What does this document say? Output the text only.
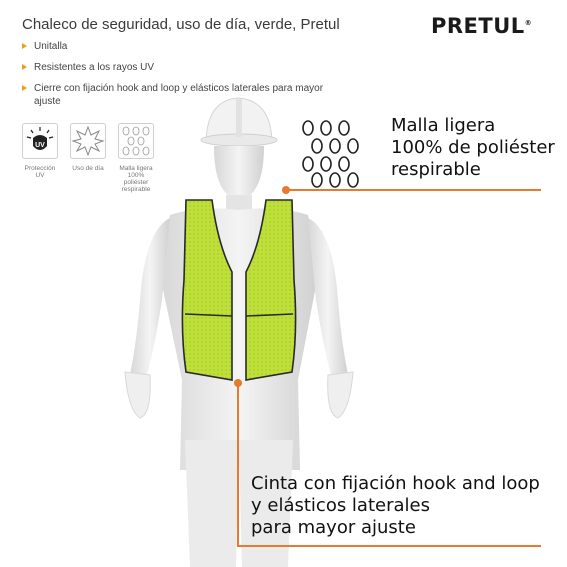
Chaleco de seguridad, uso de día, verde, Pretul	PRETUL®
Unitalla
Resistentes a los rayos UV
Cierre con fijación hook and loop y elásticos laterales para mayor ajuste
UV
Protección
UV
Uso de día	Malla ligera
100%
poliéster
respirable
Malla ligera
100% de poliéster
respirable
Cinta con fijación hook and loop
y elásticos laterales
para mayor ajuste
